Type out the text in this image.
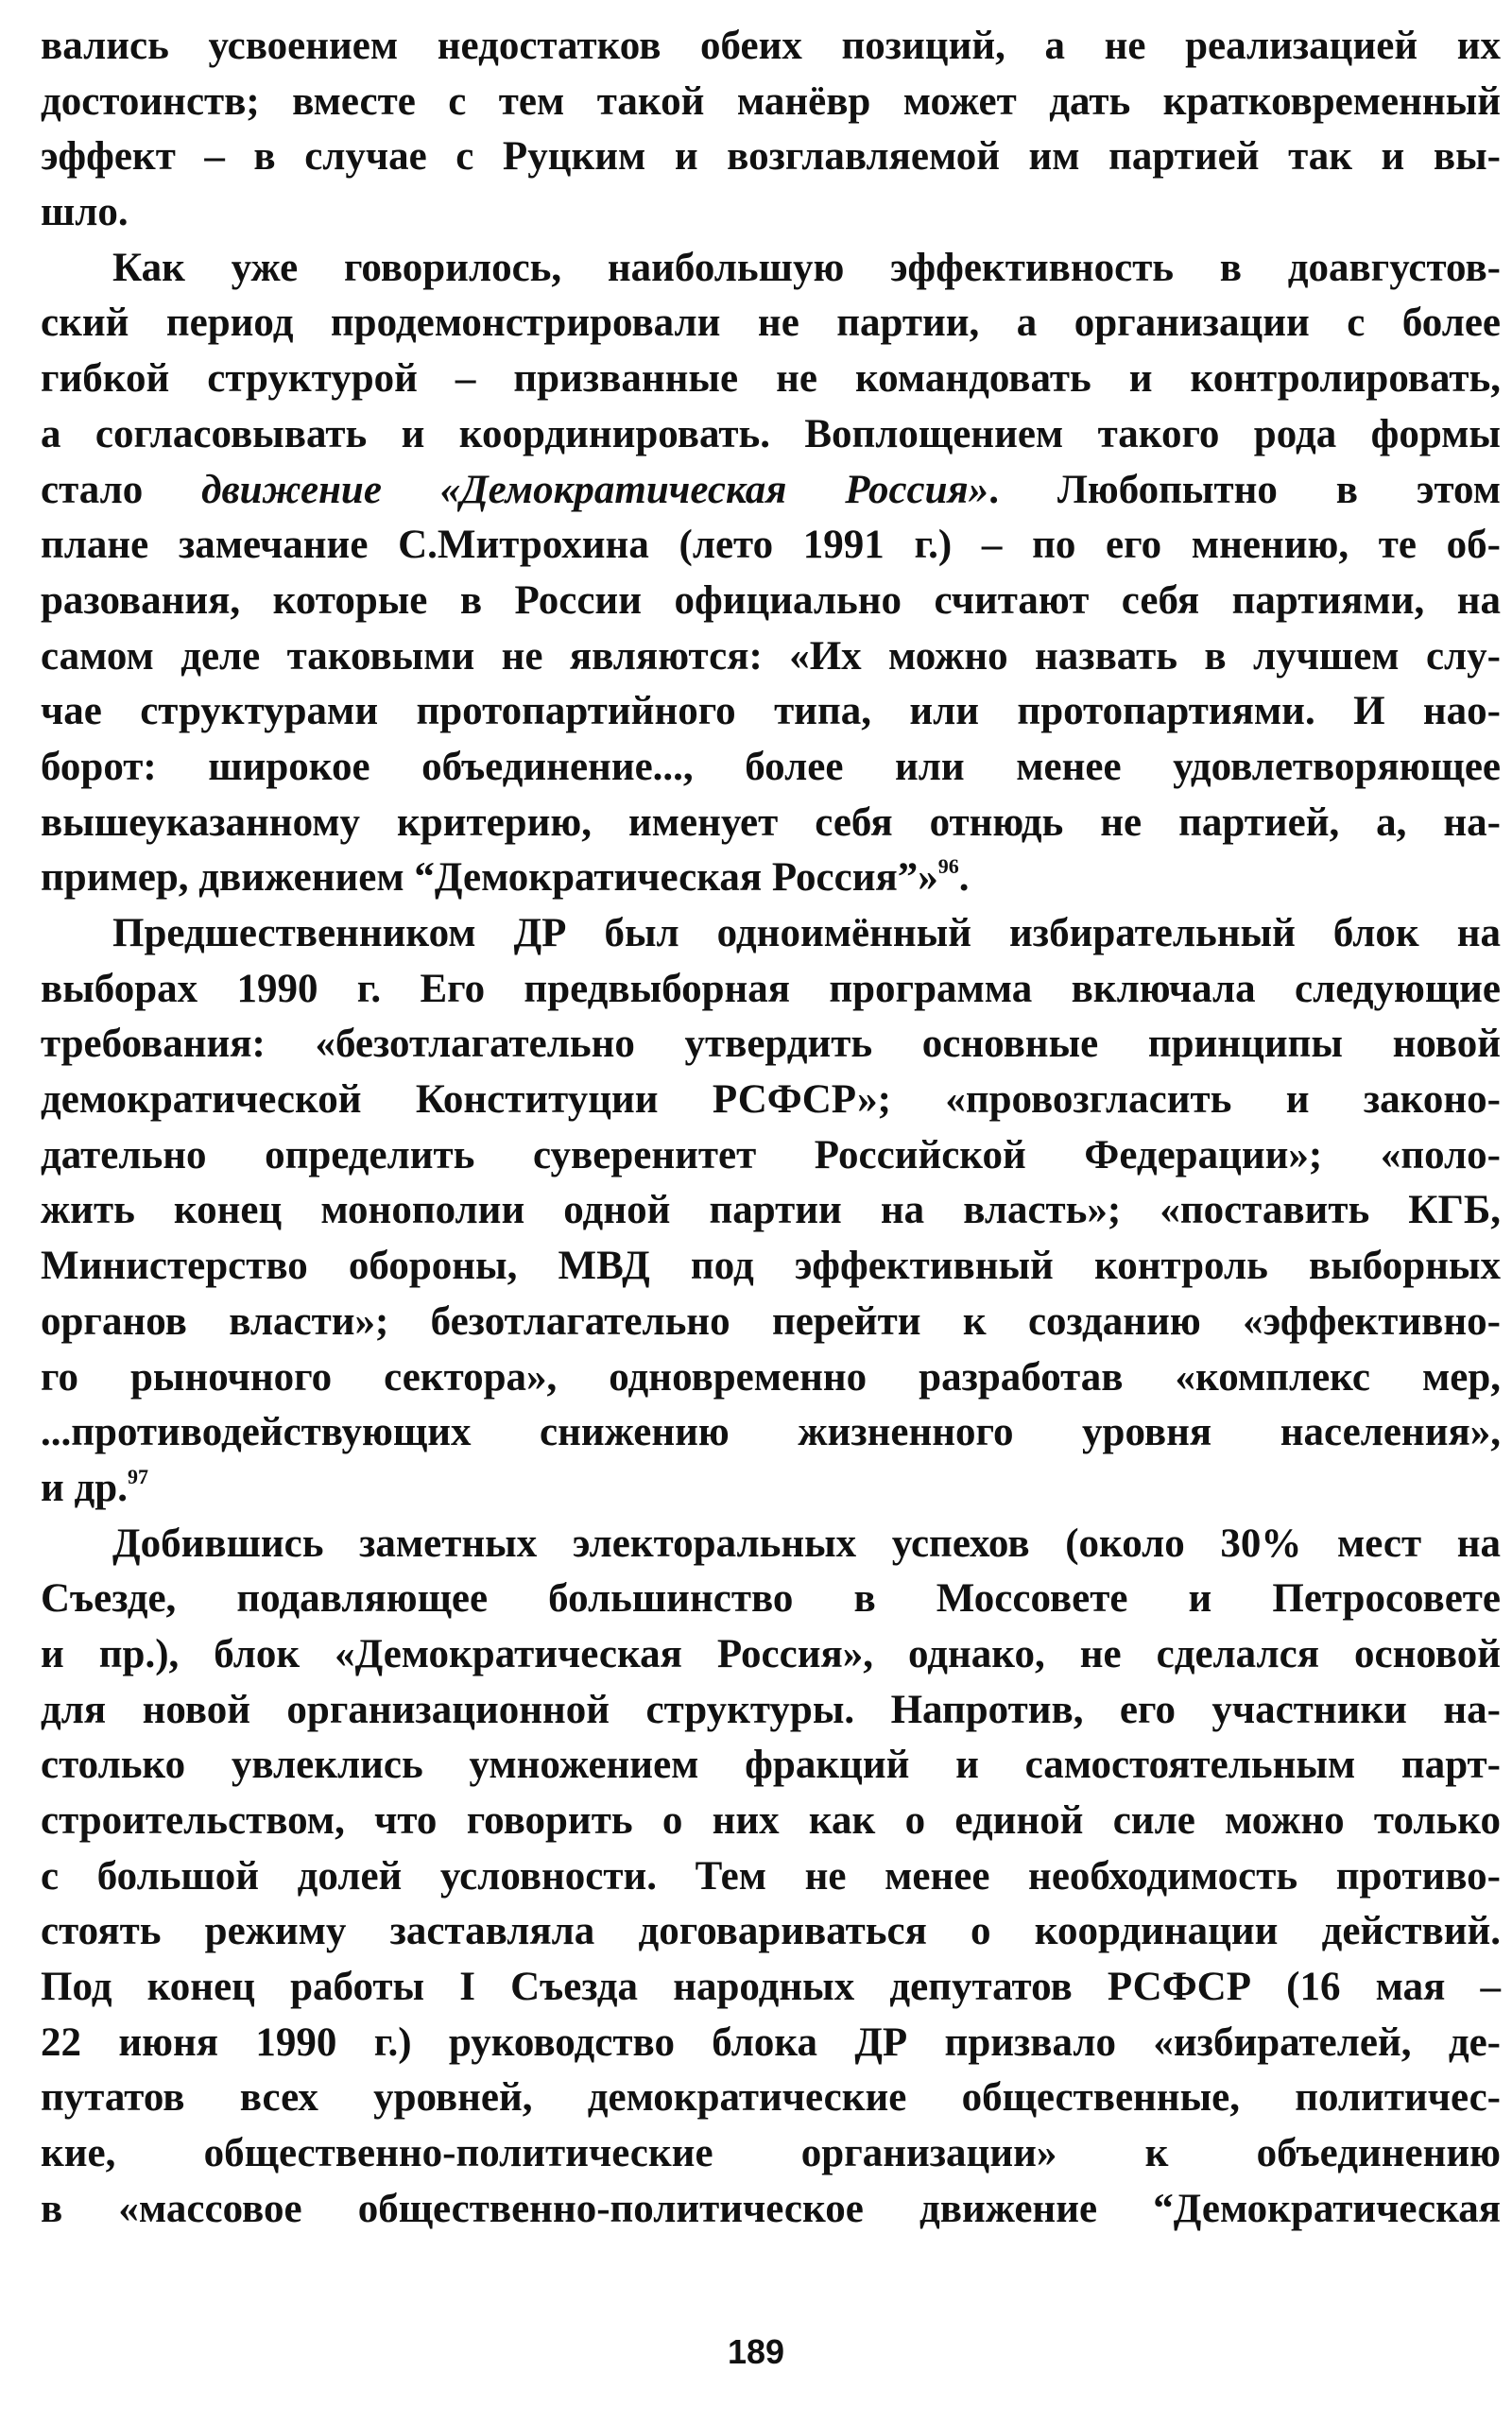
вались усвоением недостатков обеих позиций, а не реализацией их
достоинств; вместе с тем такой манёвр может дать кратковременный
эффект – в случае с Руцким и возглавляемой им партией так и вы-
шло.
Как уже говорилось, наибольшую эффективность в доавгустов-
ский период продемонстрировали не партии, а организации с более
гибкой структурой – призванные не командовать и контролировать,
а согласовывать и координировать. Воплощением такого рода формы
стало движение «Демократическая Россия». Любопытно в этом
плане замечание С.Митрохина (лето 1991 г.) – по его мнению, те об-
разования, которые в России официально считают себя партиями, на
самом деле таковыми не являются: «Их можно назвать в лучшем слу-
чае структурами протопартийного типа, или протопартиями. И нао-
борот: широкое объединение..., более или менее удовлетворяющее
вышеуказанному критерию, именует себя отнюдь не партией, а, на-
пример, движением “Демократическая Россия”»$^{96}$.
Предшественником ДР был одноимённый избирательный блок на
выборах 1990 г. Его предвыборная программа включала следующие
требования: «безотлагательно утвердить основные принципы новой
демократической Конституции РСФСР»; «провозгласить и законо-
дательно определить суверенитет Российской Федерации»; «поло-
жить конец монополии одной партии на власть»; «поставить КГБ,
Министерство обороны, МВД под эффективный контроль выборных
органов власти»; безотлагательно перейти к созданию «эффективно-
го рыночного сектора», одновременно разработав «комплекс мер,
...противодействующих снижению жизненного уровня населения»,
и др.$^{97}$
Добившись заметных электоральных успехов (около 30% мест на
Съезде, подавляющее большинство в Моссовете и Петросовете
и пр.), блок «Демократическая Россия», однако, не сделался основой
для новой организационной структуры. Напротив, его участники на-
столько увлеклись умножением фракций и самостоятельным парт-
строительством, что говорить о них как о единой силе можно только
с большой долей условности. Тем не менее необходимость противо-
стоять режиму заставляла договариваться о координации действий.
Под конец работы I Съезда народных депутатов РСФСР (16 мая –
22 июня 1990 г.) руководство блока ДР призвало «избирателей, де-
путатов всех уровней, демократические общественные, политичес-
кие, общественно-политические организации» к объединению
в «массовое общественно-политическое движение “Демократическая
189
